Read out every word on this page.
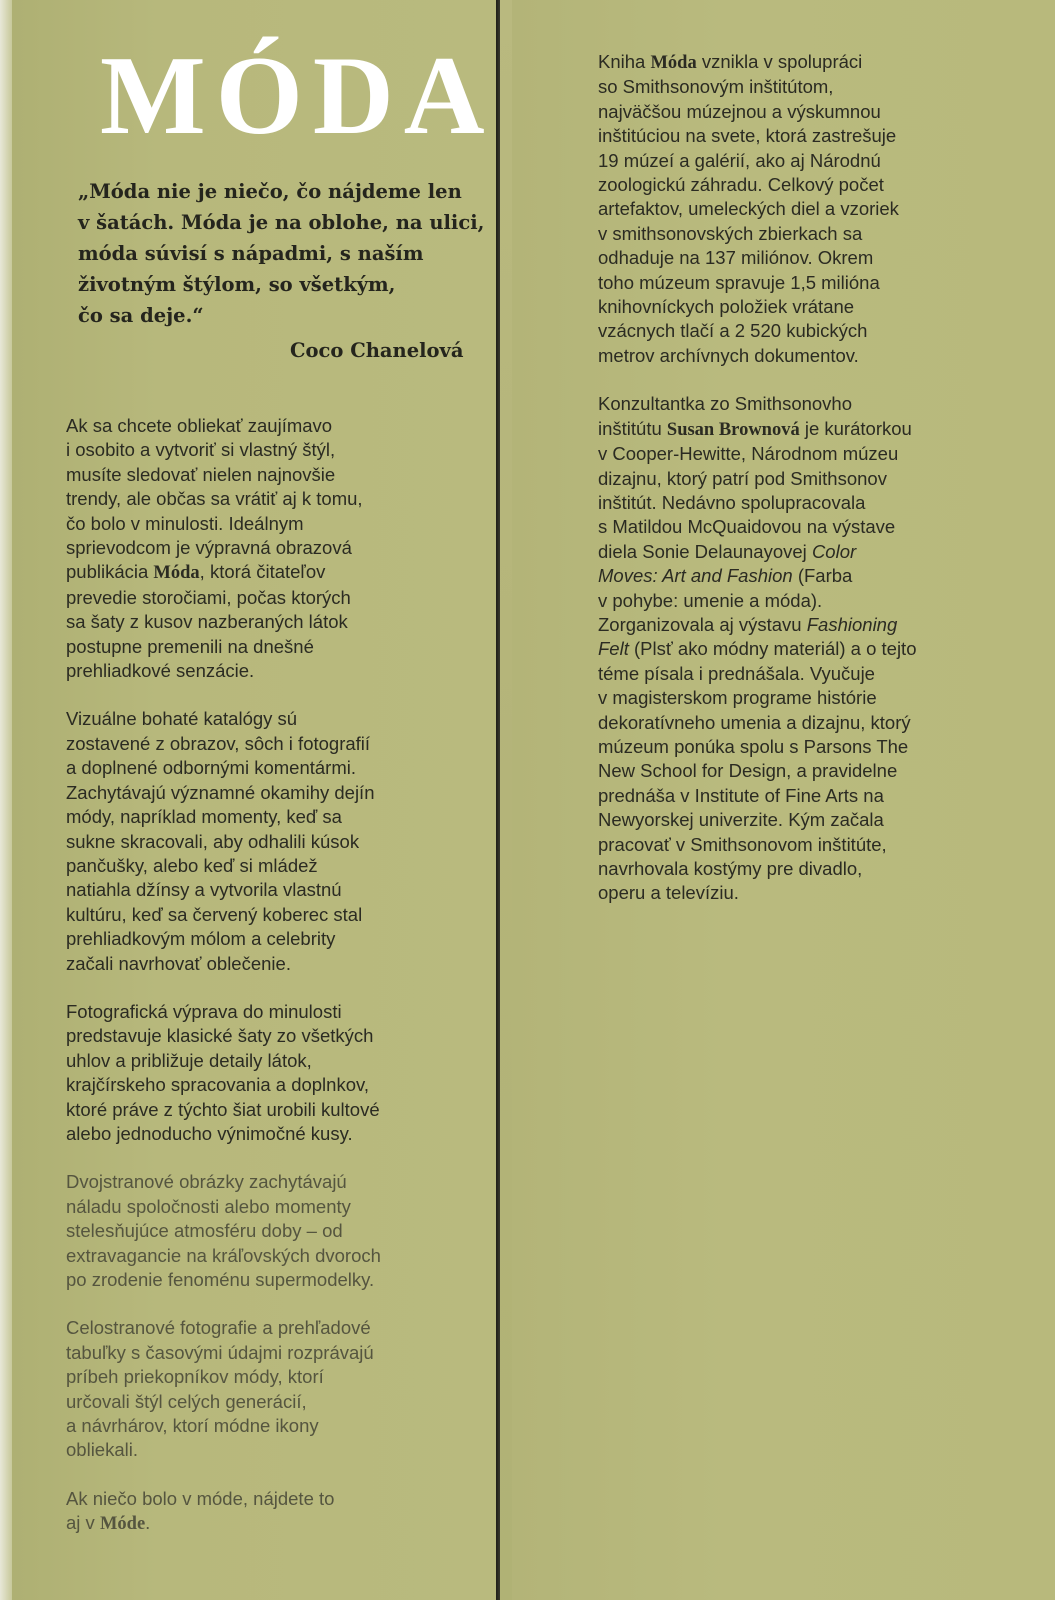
MÓDA
„Móda nie je niečo, čo nájdeme len
v šatách. Móda je na oblohe, na ulici,
móda súvisí s nápadmi, s naším
životným štýlom, so všetkým,
čo sa deje.“
Coco Chanelová

Ak sa chcete obliekať zaujímavo
i osobito a vytvoriť si vlastný štýl,
musíte sledovať nielen najnovšie
trendy, ale občas sa vrátiť aj k tomu,
čo bolo v minulosti. Ideálnym
sprievodcom je výpravná obrazová
publikácia Móda, ktorá čitateľov
prevedie storočiami, počas ktorých
sa šaty z kusov nazberaných látok
postupne premenili na dnešné
prehliadkové senzácie.

Vizuálne bohaté katalógy sú
zostavené z obrazov, sôch i fotografií
a doplnené odbornými komentármi.
Zachytávajú významné okamihy dejín
módy, napríklad momenty, keď sa
sukne skracovali, aby odhalili kúsok
pančušky, alebo keď si mládež
natiahla džínsy a vytvorila vlastnú
kultúru, keď sa červený koberec stal
prehliadkovým mólom a celebrity
začali navrhovať oblečenie.

Fotografická výprava do minulosti
predstavuje klasické šaty zo všetkých
uhlov a približuje detaily látok,
krajčírskeho spracovania a doplnkov,
ktoré práve z týchto šiat urobili kultové
alebo jednoducho výnimočné kusy.

Dvojstranové obrázky zachytávajú
náladu spoločnosti alebo momenty
stelesňujúce atmosféru doby – od
extravagancie na kráľovských dvoroch
po zrodenie fenoménu supermodelky.

Celostranové fotografie a prehľadové
tabuľky s časovými údajmi rozprávajú
príbeh priekopníkov módy, ktorí
určovali štýl celých generácií,
a návrhárov, ktorí módne ikony
obliekali.

Ak niečo bolo v móde, nájdete to
aj v Móde.

Kniha Móda vznikla v spolupráci
so Smithsonovým inštitútom,
najväčšou múzejnou a výskumnou
inštitúciou na svete, ktorá zastrešuje
19 múzeí a galérií, ako aj Národnú
zoologickú záhradu. Celkový počet
artefaktov, umeleckých diel a vzoriek
v smithsonovských zbierkach sa
odhaduje na 137 miliónov. Okrem
toho múzeum spravuje 1,5 milióna
knihovníckych položiek vrátane
vzácnych tlačí a 2 520 kubických
metrov archívnych dokumentov.

Konzultantka zo Smithsonovho
inštitútu Susan Brownová je kurátorkou
v Cooper-Hewitte, Národnom múzeu
dizajnu, ktorý patrí pod Smithsonov
inštitút. Nedávno spolupracovala
s Matildou McQuaidovou na výstave
diela Sonie Delaunayovej Color
Moves: Art and Fashion (Farba
v pohybe: umenie a móda).
Zorganizovala aj výstavu Fashioning
Felt (Plsť ako módny materiál) a o tejto
téme písala i prednášala. Vyučuje
v magisterskom programe histórie
dekoratívneho umenia a dizajnu, ktorý
múzeum ponúka spolu s Parsons The
New School for Design, a pravidelne
prednáša v Institute of Fine Arts na
Newyorskej univerzite. Kým začala
pracovať v Smithsonovom inštitúte,
navrhovala kostýmy pre divadlo,
operu a televíziu.
